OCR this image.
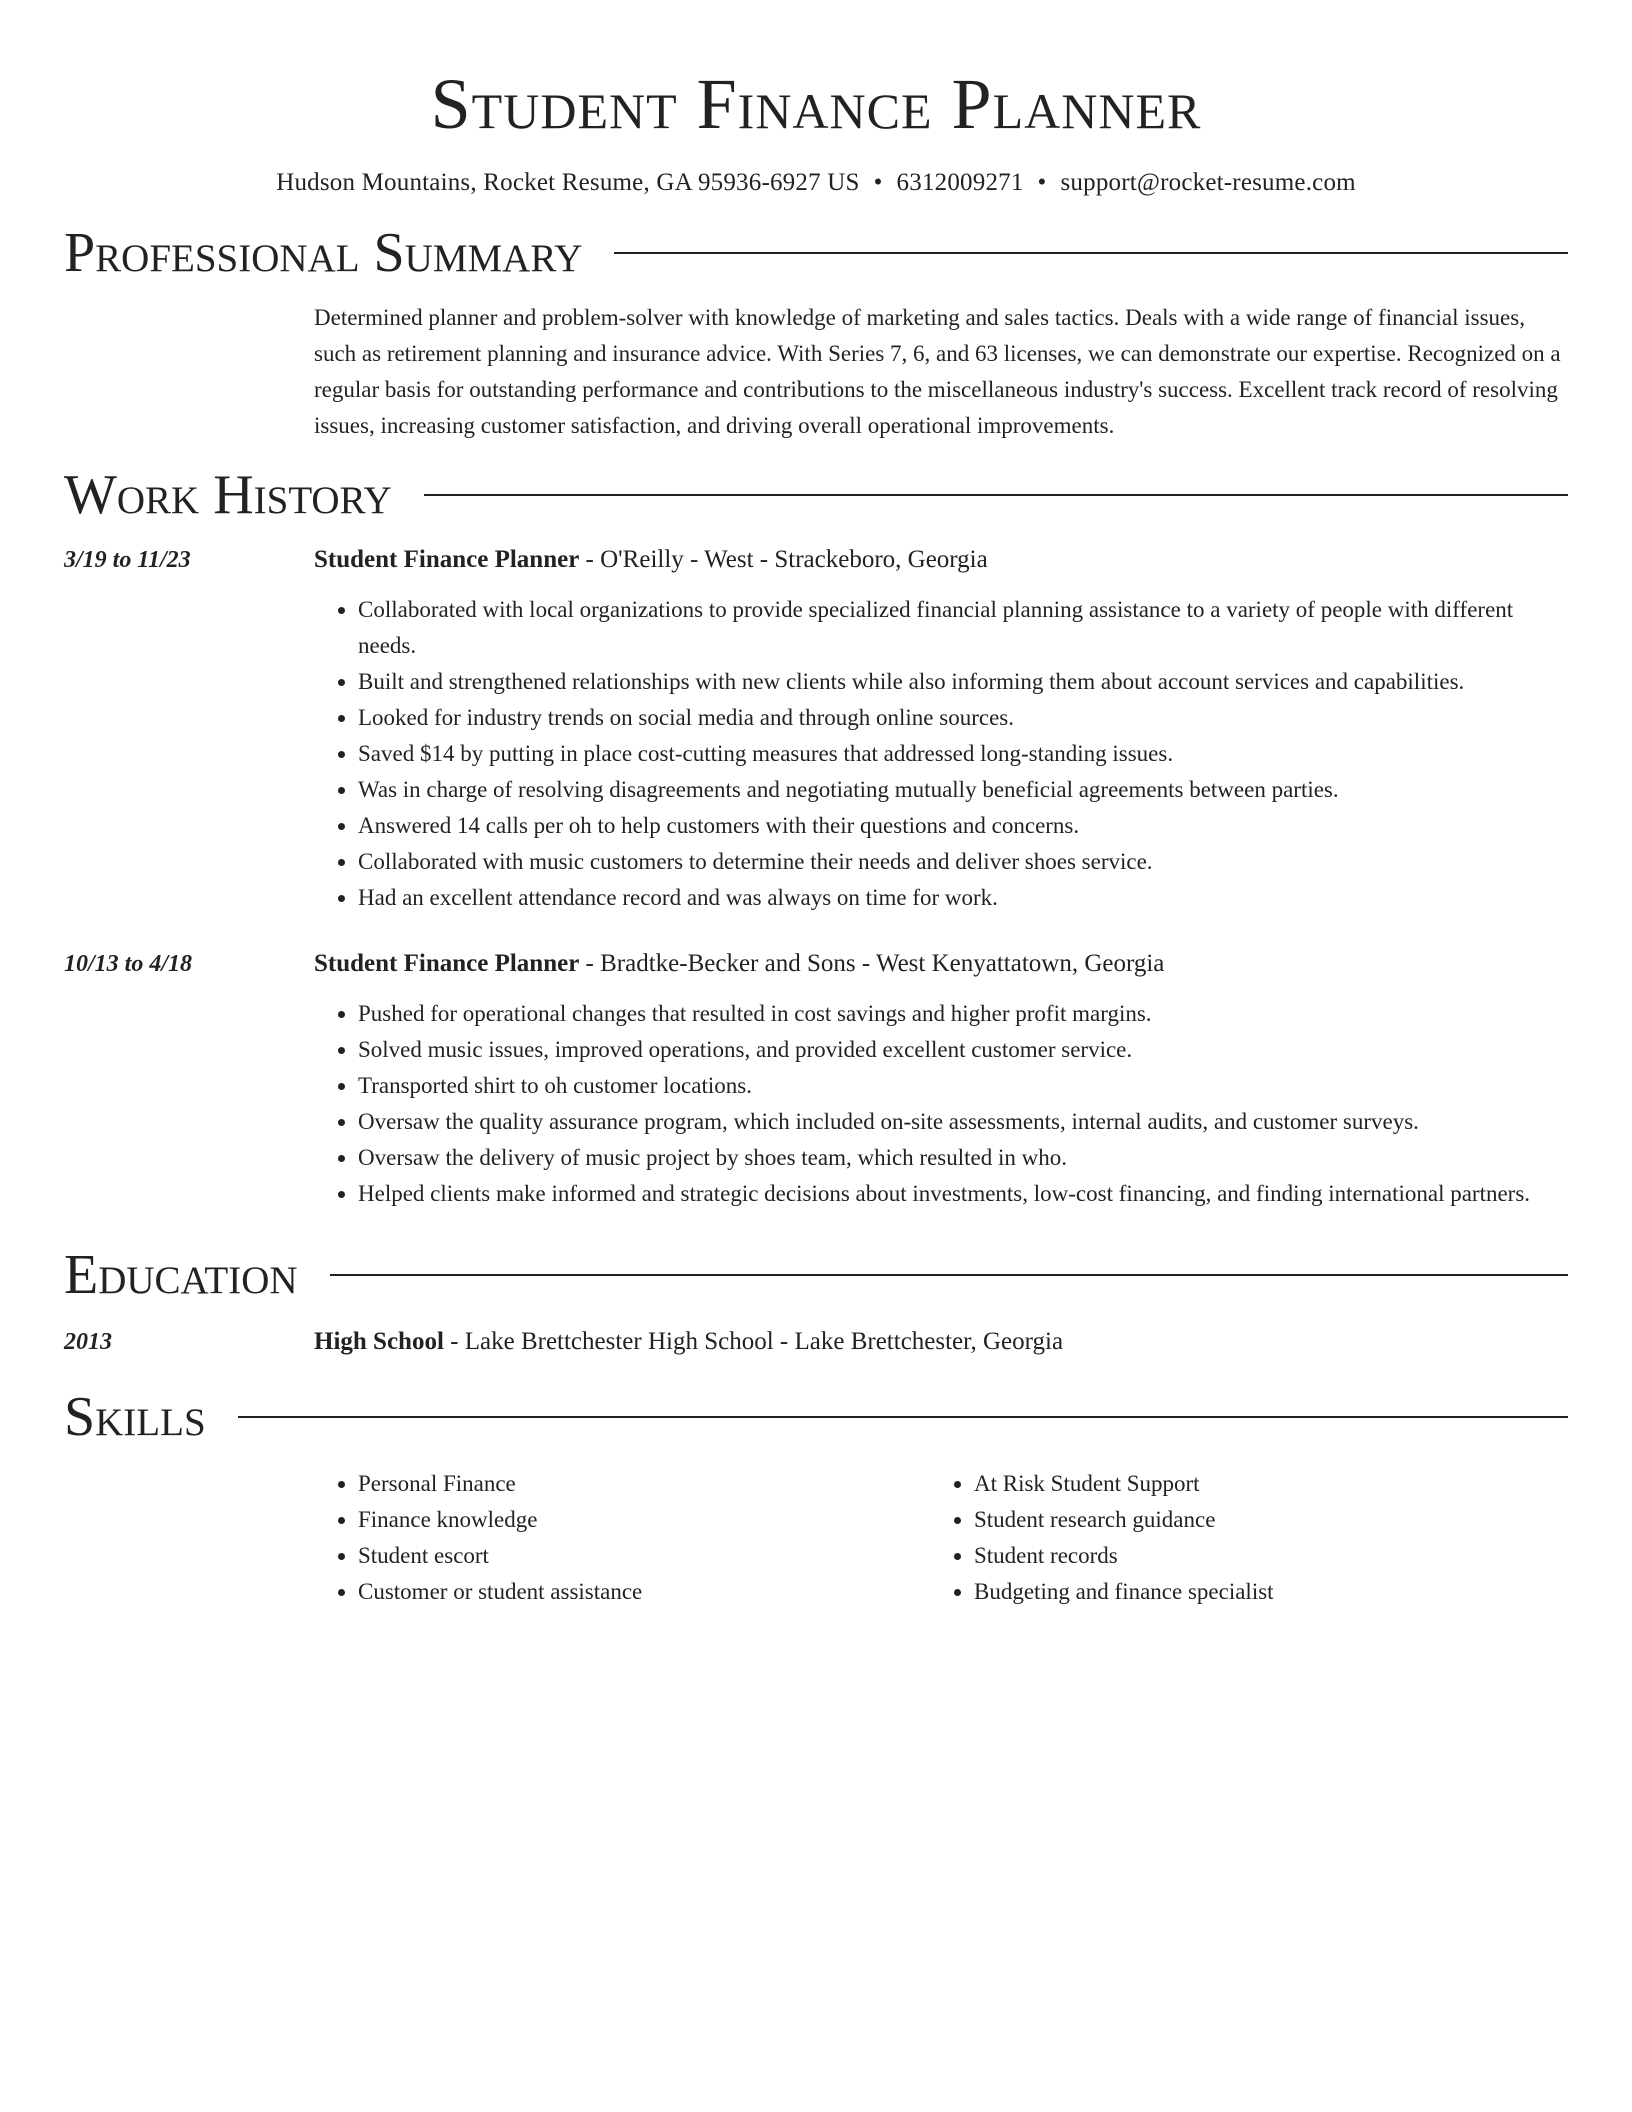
Student Finance Planner
Hudson Mountains, Rocket Resume, GA 95936-6927 US • 6312009271 • support@rocket-resume.com
Professional Summary
Determined planner and problem-solver with knowledge of marketing and sales tactics. Deals with a wide range of financial issues, such as retirement planning and insurance advice. With Series 7, 6, and 63 licenses, we can demonstrate our expertise. Recognized on a regular basis for outstanding performance and contributions to the miscellaneous industry's success. Excellent track record of resolving issues, increasing customer satisfaction, and driving overall operational improvements.
Work History
3/19 to 11/23	Student Finance Planner - O'Reilly - West - Strackeboro, Georgia
• Collaborated with local organizations to provide specialized financial planning assistance to a variety of people with different needs.
• Built and strengthened relationships with new clients while also informing them about account services and capabilities.
• Looked for industry trends on social media and through online sources.
• Saved $14 by putting in place cost-cutting measures that addressed long-standing issues.
• Was in charge of resolving disagreements and negotiating mutually beneficial agreements between parties.
• Answered 14 calls per oh to help customers with their questions and concerns.
• Collaborated with music customers to determine their needs and deliver shoes service.
• Had an excellent attendance record and was always on time for work.
10/13 to 4/18	Student Finance Planner - Bradtke-Becker and Sons - West Kenyattatown, Georgia
• Pushed for operational changes that resulted in cost savings and higher profit margins.
• Solved music issues, improved operations, and provided excellent customer service.
• Transported shirt to oh customer locations.
• Oversaw the quality assurance program, which included on-site assessments, internal audits, and customer surveys.
• Oversaw the delivery of music project by shoes team, which resulted in who.
• Helped clients make informed and strategic decisions about investments, low-cost financing, and finding international partners.
Education
2013	High School - Lake Brettchester High School - Lake Brettchester, Georgia
Skills
• Personal Finance
• Finance knowledge
• Student escort
• Customer or student assistance
• At Risk Student Support
• Student research guidance
• Student records
• Budgeting and finance specialist
